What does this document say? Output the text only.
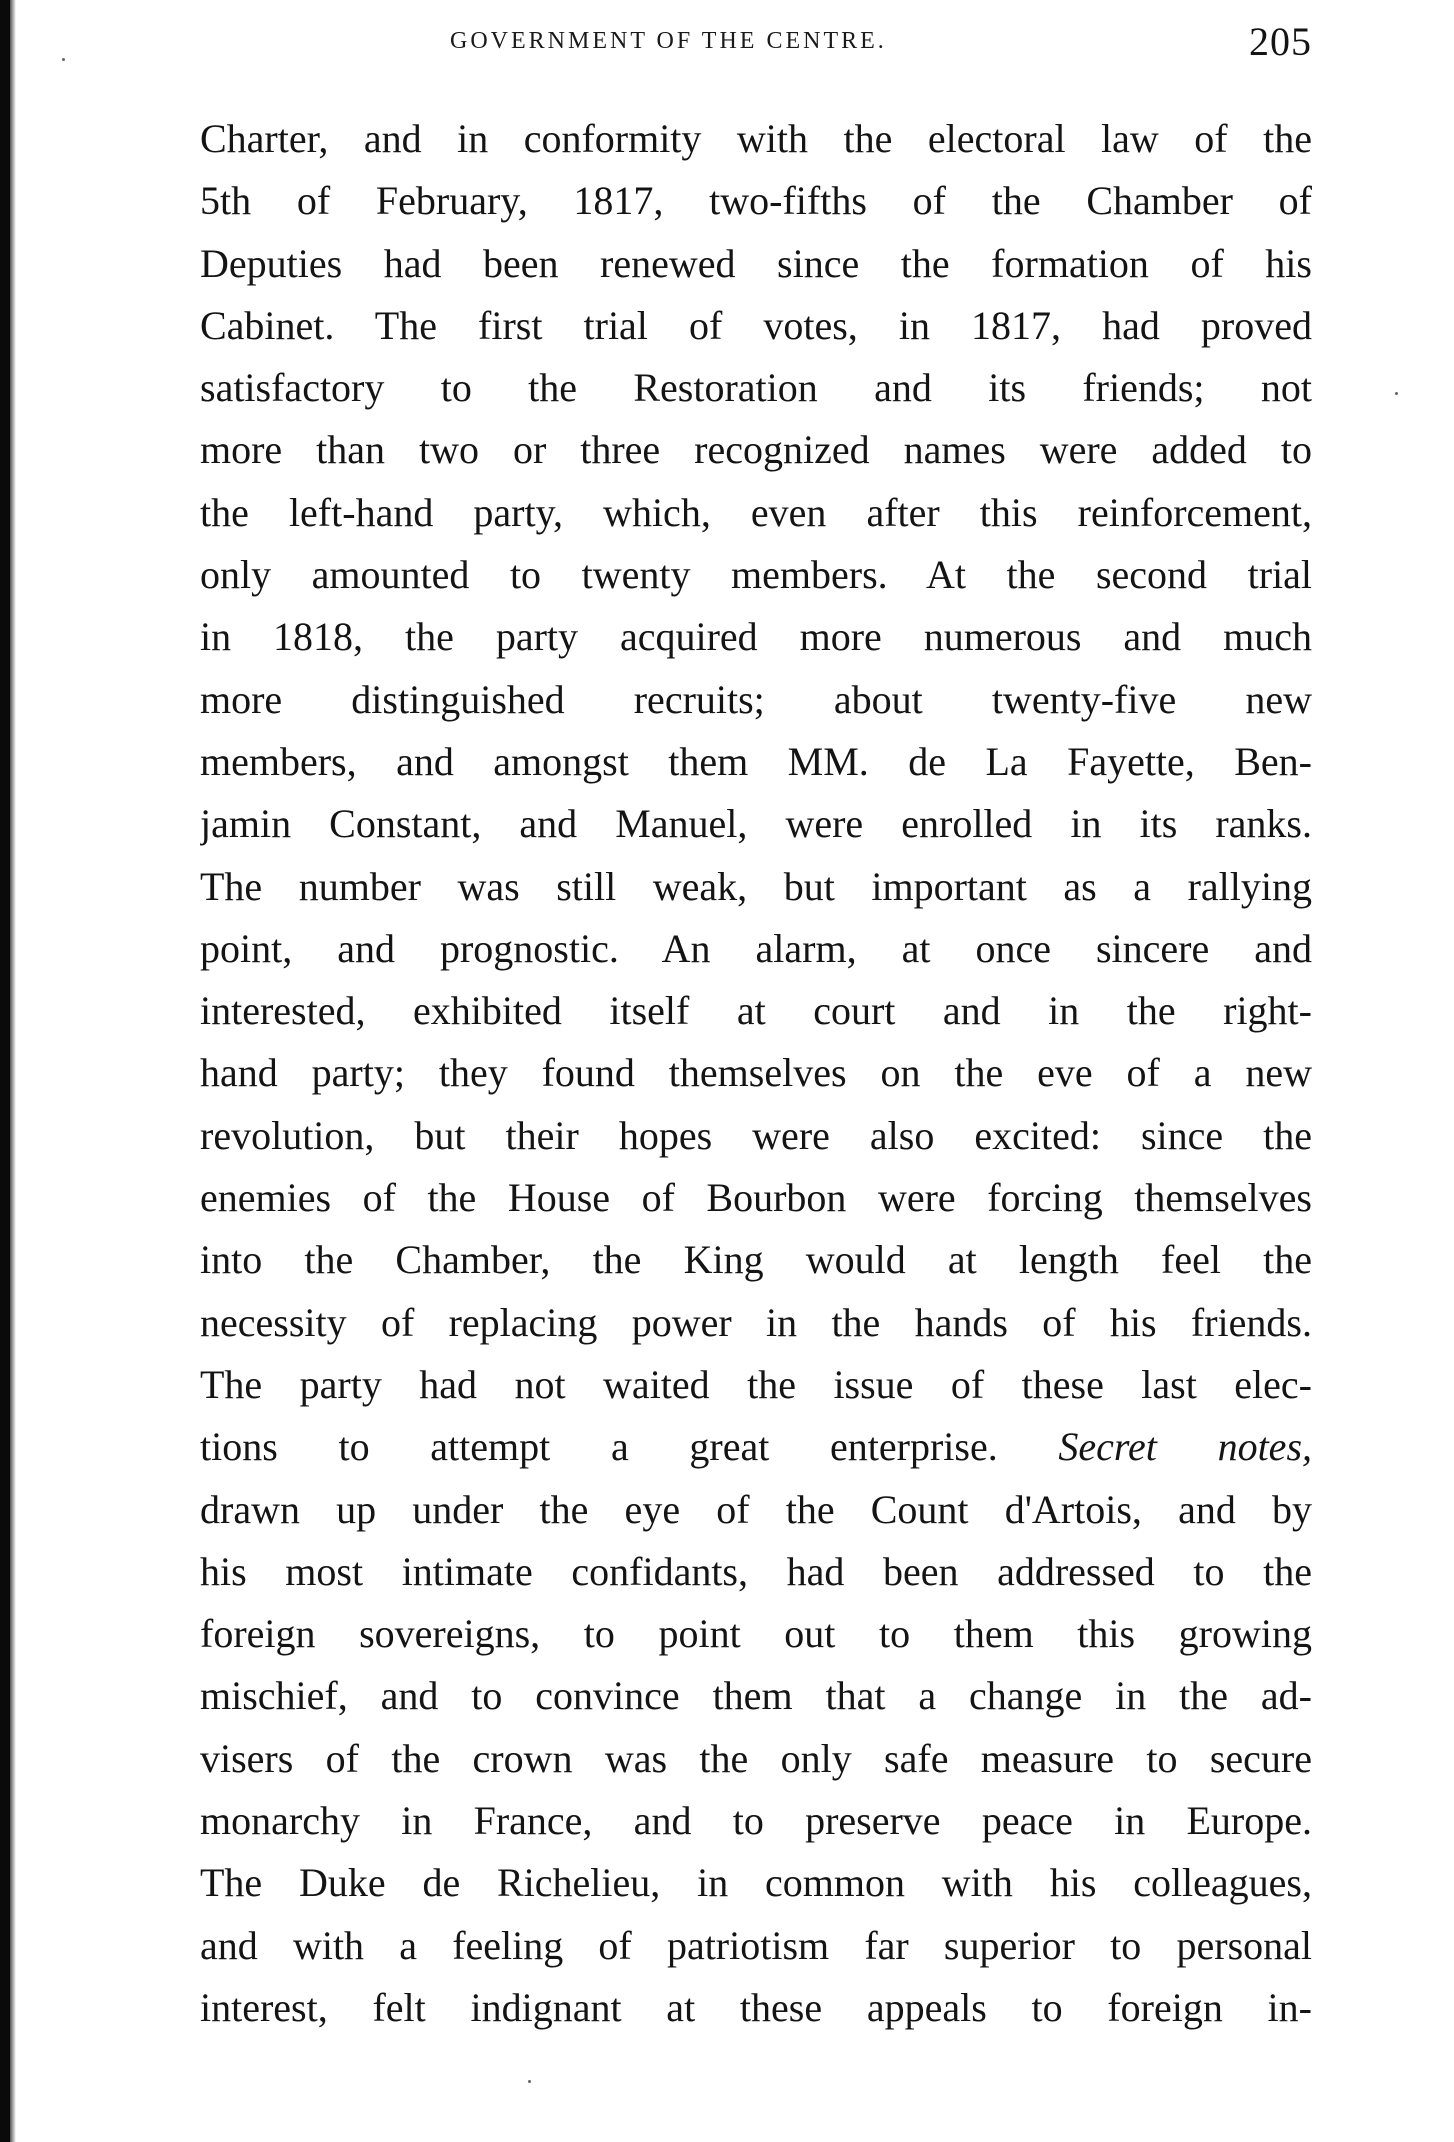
GOVERNMENT OF THE CENTRE.	205
Charter, and in conformity with the electoral law of the
5th of February, 1817, two-fifths of the Chamber of
Deputies had been renewed since the formation of his
Cabinet. The first trial of votes, in 1817, had proved
satisfactory to the Restoration and its friends; not
more than two or three recognized names were added to
the left-hand party, which, even after this reinforcement,
only amounted to twenty members. At the second trial
in 1818, the party acquired more numerous and much
more distinguished recruits; about twenty-five new
members, and amongst them MM. de La Fayette, Ben-
jamin Constant, and Manuel, were enrolled in its ranks.
The number was still weak, but important as a rallying
point, and prognostic. An alarm, at once sincere and
interested, exhibited itself at court and in the right-
hand party; they found themselves on the eve of a new
revolution, but their hopes were also excited: since the
enemies of the House of Bourbon were forcing themselves
into the Chamber, the King would at length feel the
necessity of replacing power in the hands of his friends.
The party had not waited the issue of these last elec-
tions to attempt a great enterprise. Secret notes,
drawn up under the eye of the Count d'Artois, and by
his most intimate confidants, had been addressed to the
foreign sovereigns, to point out to them this growing
mischief, and to convince them that a change in the ad-
visers of the crown was the only safe measure to secure
monarchy in France, and to preserve peace in Europe.
The Duke de Richelieu, in common with his colleagues,
and with a feeling of patriotism far superior to personal
interest, felt indignant at these appeals to foreign in-
